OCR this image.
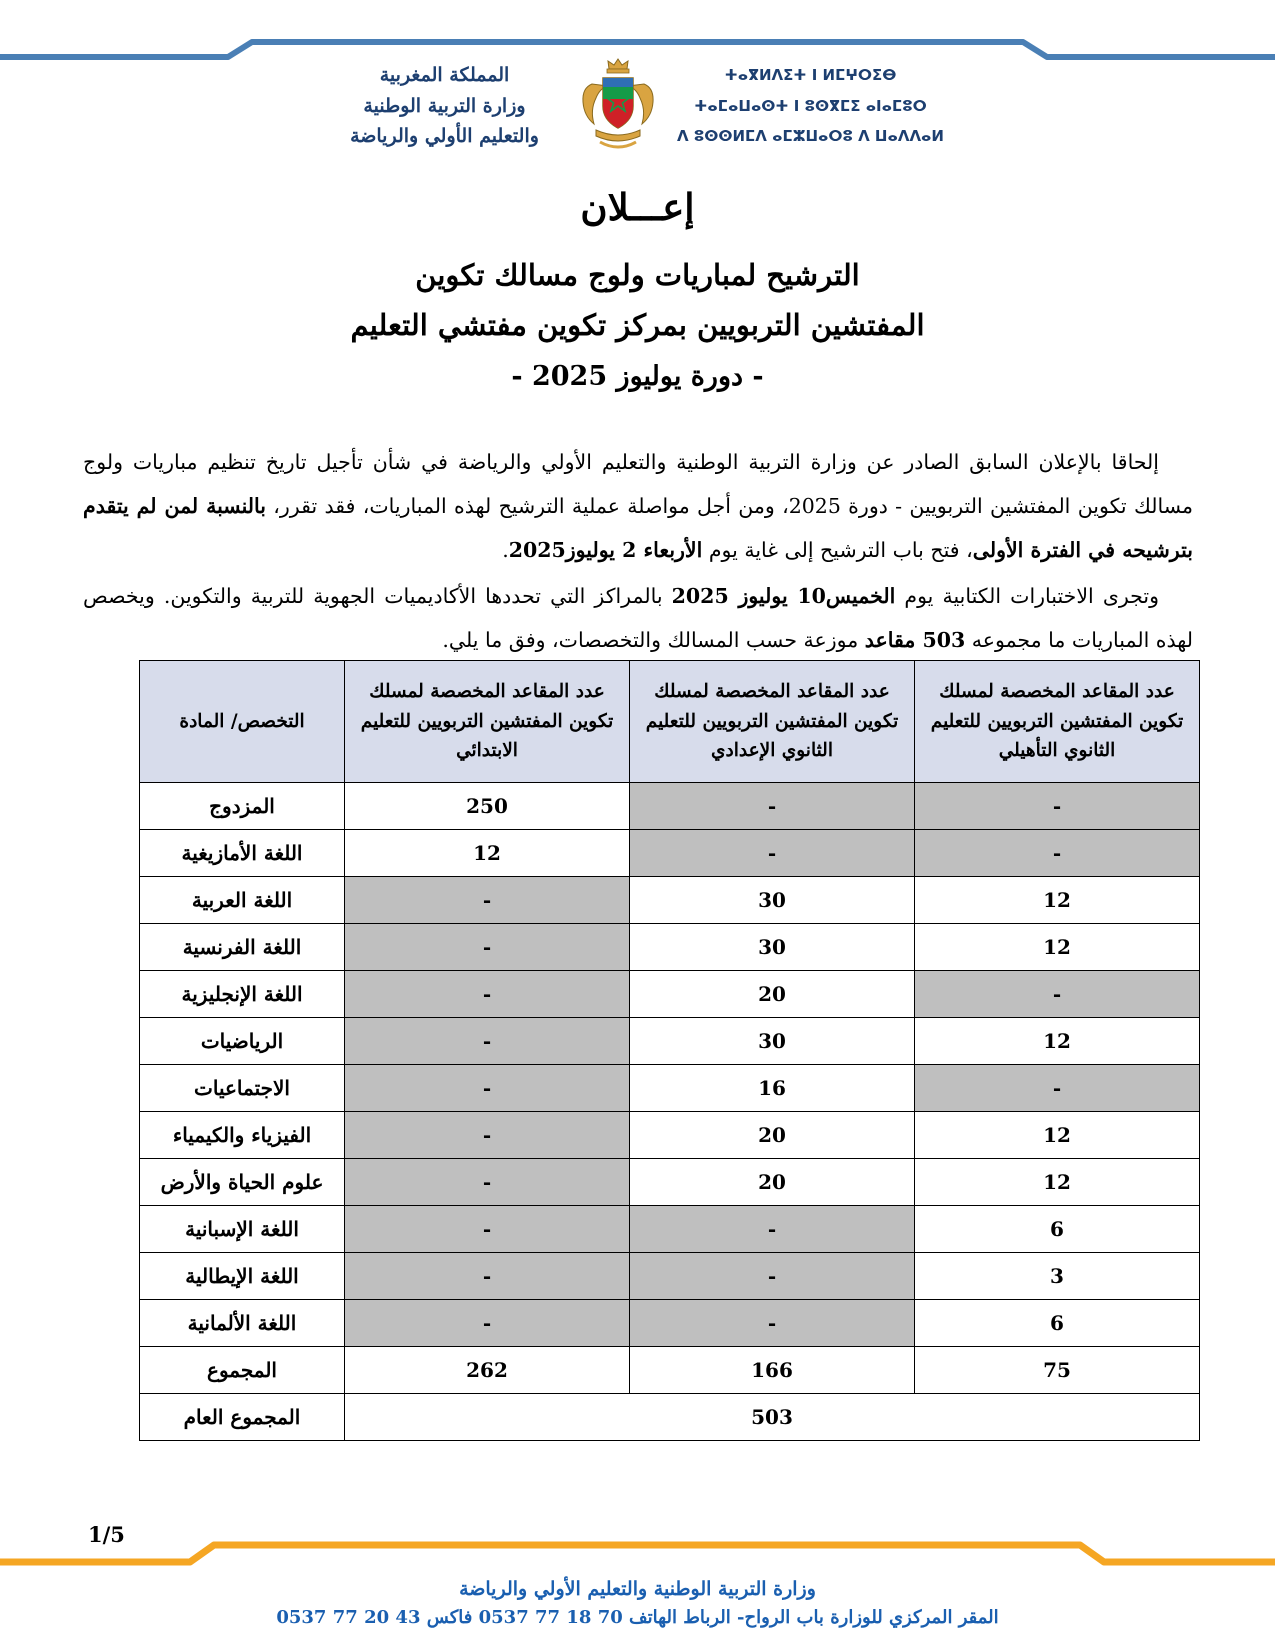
المملكة المغربية
وزارة التربية الوطنية
والتعليم الأولي والرياضة
ⵜⴰⴳⵍⴷⵉⵜ ⵏ ⵍⵎⵖⵔⵉⴱ
ⵜⴰⵎⴰⵡⴰⵙⵜ ⵏ ⵓⵙⴳⵎⵉ ⴰⵏⴰⵎⵓⵔ
ⴷ ⵓⵙⵙⵍⵎⴷ ⴰⵎⵣⵡⴰⵔⵓ ⴷ ⵡⴰⴷⴷⴰⵍ
إعـــلان
الترشيح لمباريات ولوج مسالك تكوين
المفتشين التربويين بمركز تكوين مفتشي التعليم
- دورة يوليوز 2025 -

إلحاقا بالإعلان السابق الصادر عن وزارة التربية الوطنية والتعليم الأولي والرياضة في شأن تأجيل تاريخ تنظيم مباريات ولوج مسالك تكوين المفتشين التربويين - دورة 2025، ومن أجل مواصلة عملية الترشيح لهذه المباريات، فقد تقرر، بالنسبة لمن لم يتقدم بترشيحه في الفترة الأولى، فتح باب الترشيح إلى غاية يوم الأربعاء 2 يوليوز2025.

وتجرى الاختبارات الكتابية يوم الخميس10 يوليوز 2025 بالمراكز التي تحددها الأكاديميات الجهوية للتربية والتكوين. ويخصص لهذه المباريات ما مجموعه 503 مقاعد موزعة حسب المسالك والتخصصات، وفق ما يلي.

عدد المقاعد المخصصة لمسلك تكوين المفتشين التربويين للتعليم الثانوي التأهيلي	عدد المقاعد المخصصة لمسلك تكوين المفتشين التربويين للتعليم الثانوي الإعدادي	عدد المقاعد المخصصة لمسلك تكوين المفتشين التربويين للتعليم الابتدائي	التخصص/ المادة
-	-	250	المزدوج
-	-	12	اللغة الأمازيغية
12	30	-	اللغة العربية
12	30	-	اللغة الفرنسية
-	20	-	اللغة الإنجليزية
12	30	-	الرياضيات
-	16	-	الاجتماعيات
12	20	-	الفيزياء والكيمياء
12	20	-	علوم الحياة والأرض
6	-	-	اللغة الإسبانية
3	-	-	اللغة الإيطالية
6	-	-	اللغة الألمانية
75	166	262	المجموع
503			المجموع العام
1/5
وزارة التربية الوطنية والتعليم الأولي والرياضة
المقر المركزي للوزارة باب الرواح- الرباط الهاتف 70 18 77 0537 فاكس 43 20 77 0537
